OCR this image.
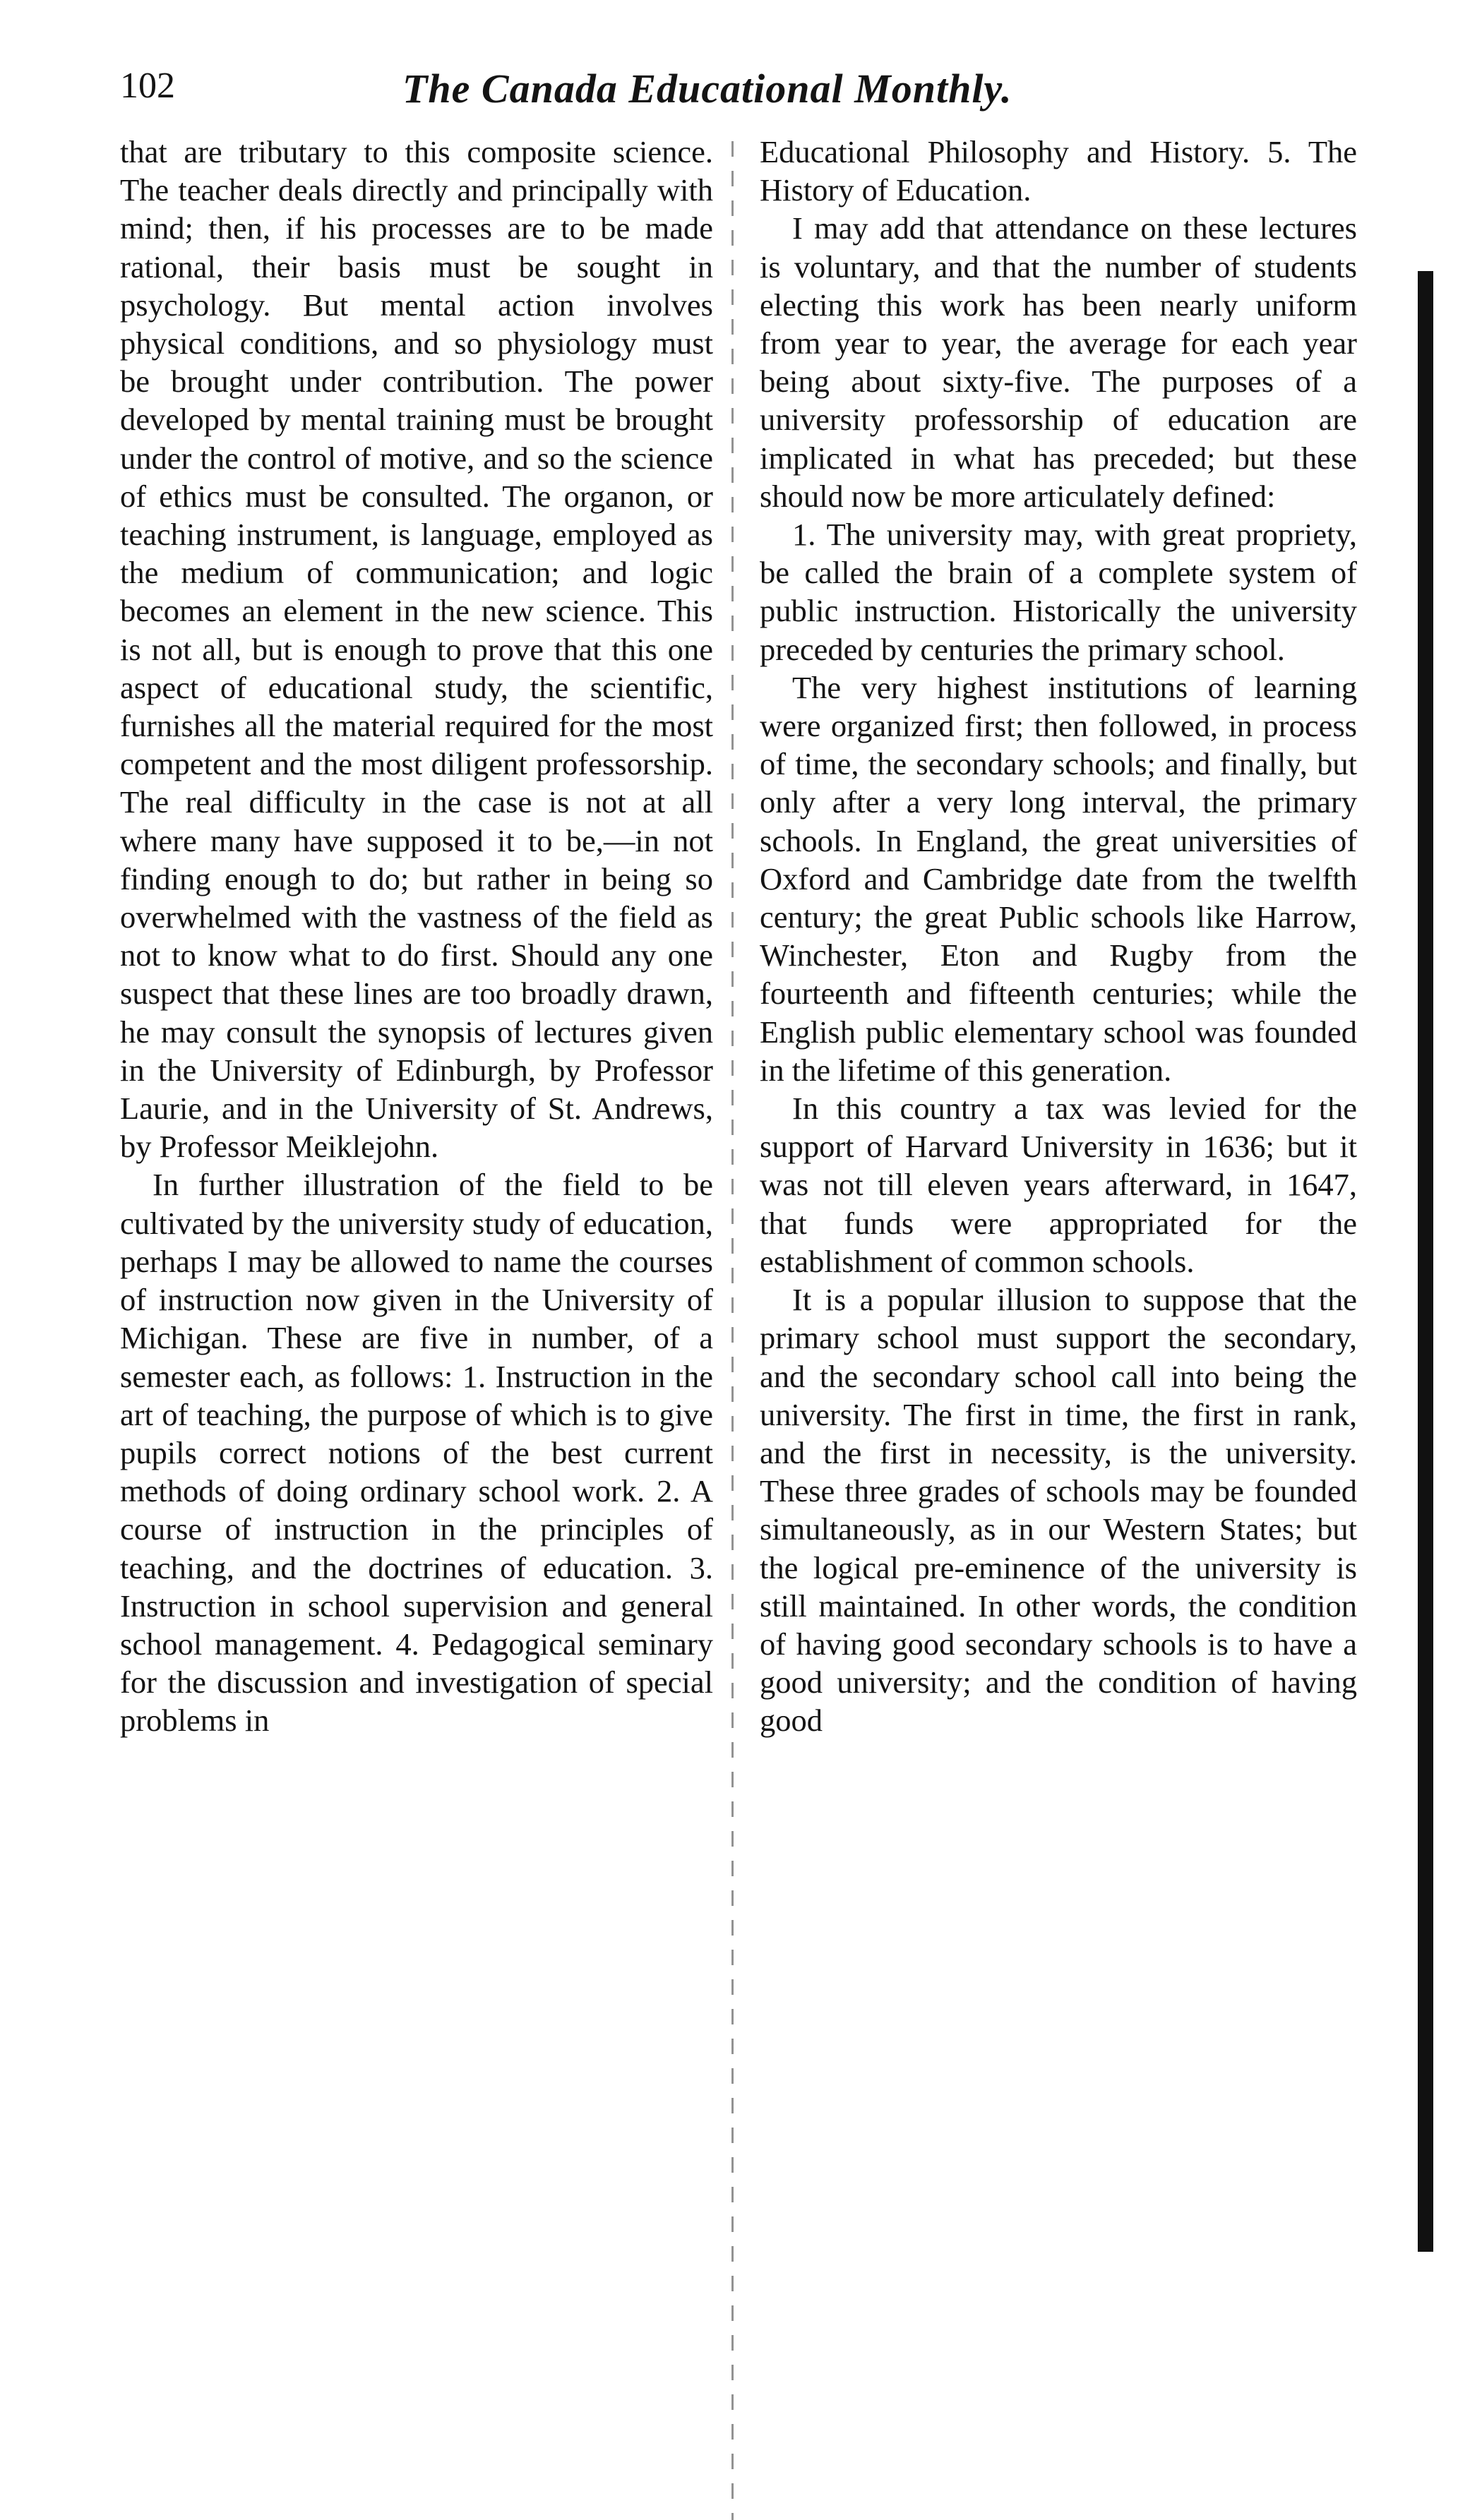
102	The Canada Educational Monthly.

that are tributary to this composite science. The teacher deals directly and principally with mind; then, if his processes are to be made rational, their basis must be sought in psychology. But mental action involves physical conditions, and so physiology must be brought under contribution. The power developed by mental training must be brought under the control of motive, and so the science of ethics must be consulted. The organon, or teaching instrument, is language, employed as the medium of communication; and logic becomes an element in the new science. This is not all, but is enough to prove that this one aspect of educational study, the scientific, furnishes all the material required for the most competent and the most diligent professorship. The real difficulty in the case is not at all where many have supposed it to be,—in not finding enough to do; but rather in being so overwhelmed with the vastness of the field as not to know what to do first. Should any one suspect that these lines are too broadly drawn, he may consult the synopsis of lectures given in the University of Edinburgh, by Professor Laurie, and in the University of St. Andrews, by Professor Meiklejohn.

In further illustration of the field to be cultivated by the university study of education, perhaps I may be allowed to name the courses of instruction now given in the University of Michigan. These are five in number, of a semester each, as follows: 1. Instruction in the art of teaching, the purpose of which is to give pupils correct notions of the best current methods of doing ordinary school work. 2. A course of instruction in the principles of teaching, and the doctrines of education. 3. Instruction in school supervision and general school management. 4. Pedagogical seminary for the discussion and investigation of special problems in

Educational Philosophy and History. 5. The History of Education.

I may add that attendance on these lectures is voluntary, and that the number of students electing this work has been nearly uniform from year to year, the average for each year being about sixty-five. The purposes of a university professorship of education are implicated in what has preceded; but these should now be more articulately defined:

1. The university may, with great propriety, be called the brain of a complete system of public instruction. Historically the university preceded by centuries the primary school.

The very highest institutions of learning were organized first; then followed, in process of time, the secondary schools; and finally, but only after a very long interval, the primary schools. In England, the great universities of Oxford and Cambridge date from the twelfth century; the great Public schools like Harrow, Winchester, Eton and Rugby from the fourteenth and fifteenth centuries; while the English public elementary school was founded in the lifetime of this generation.

In this country a tax was levied for the support of Harvard University in 1636; but it was not till eleven years afterward, in 1647, that funds were appropriated for the establishment of common schools.

It is a popular illusion to suppose that the primary school must support the secondary, and the secondary school call into being the university. The first in time, the first in rank, and the first in necessity, is the university. These three grades of schools may be founded simultaneously, as in our Western States; but the logical pre-eminence of the university is still maintained. In other words, the condition of having good secondary schools is to have a good university; and the condition of having good
